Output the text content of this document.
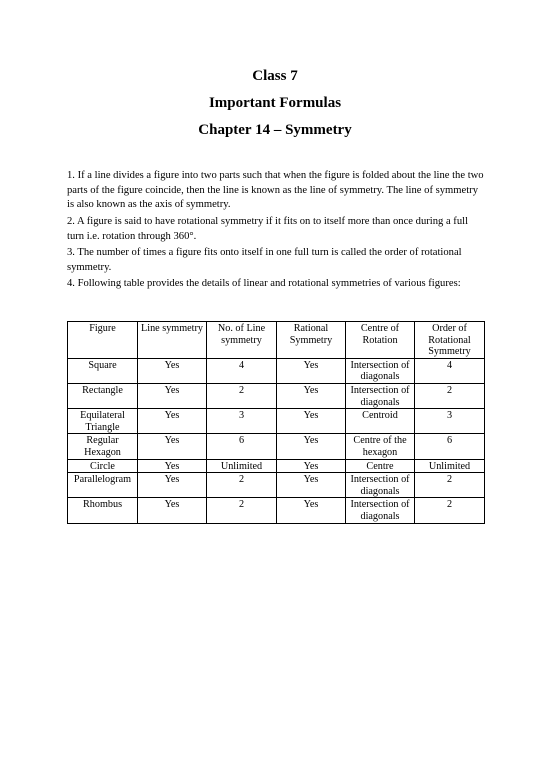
Class 7
Important Formulas
Chapter 14 – Symmetry

1. If a line divides a figure into two parts such that when the figure is folded about the line the two parts of the figure coincide, then the line is known as the line of symmetry. The line of symmetry is also known as the axis of symmetry.

2. A figure is said to have rotational symmetry if it fits on to itself more than once during a full turn i.e. rotation through 360°.

3. The number of times a figure fits onto itself in one full turn is called the order of rotational symmetry.

4. Following table provides the details of linear and rotational symmetries of various figures:

Figure	Line symmetry	No. of Line symmetry	Rational Symmetry	Centre of Rotation	Order of Rotational Symmetry
Square	Yes	4	Yes	Intersection of diagonals	4
Rectangle	Yes	2	Yes	Intersection of diagonals	2
Equilateral Triangle	Yes	3	Yes	Centroid	3
Regular Hexagon	Yes	6	Yes	Centre of the hexagon	6
Circle	Yes	Unlimited	Yes	Centre	Unlimited
Parallelogram	Yes	2	Yes	Intersection of diagonals	2
Rhombus	Yes	2	Yes	Intersection of diagonals	2
